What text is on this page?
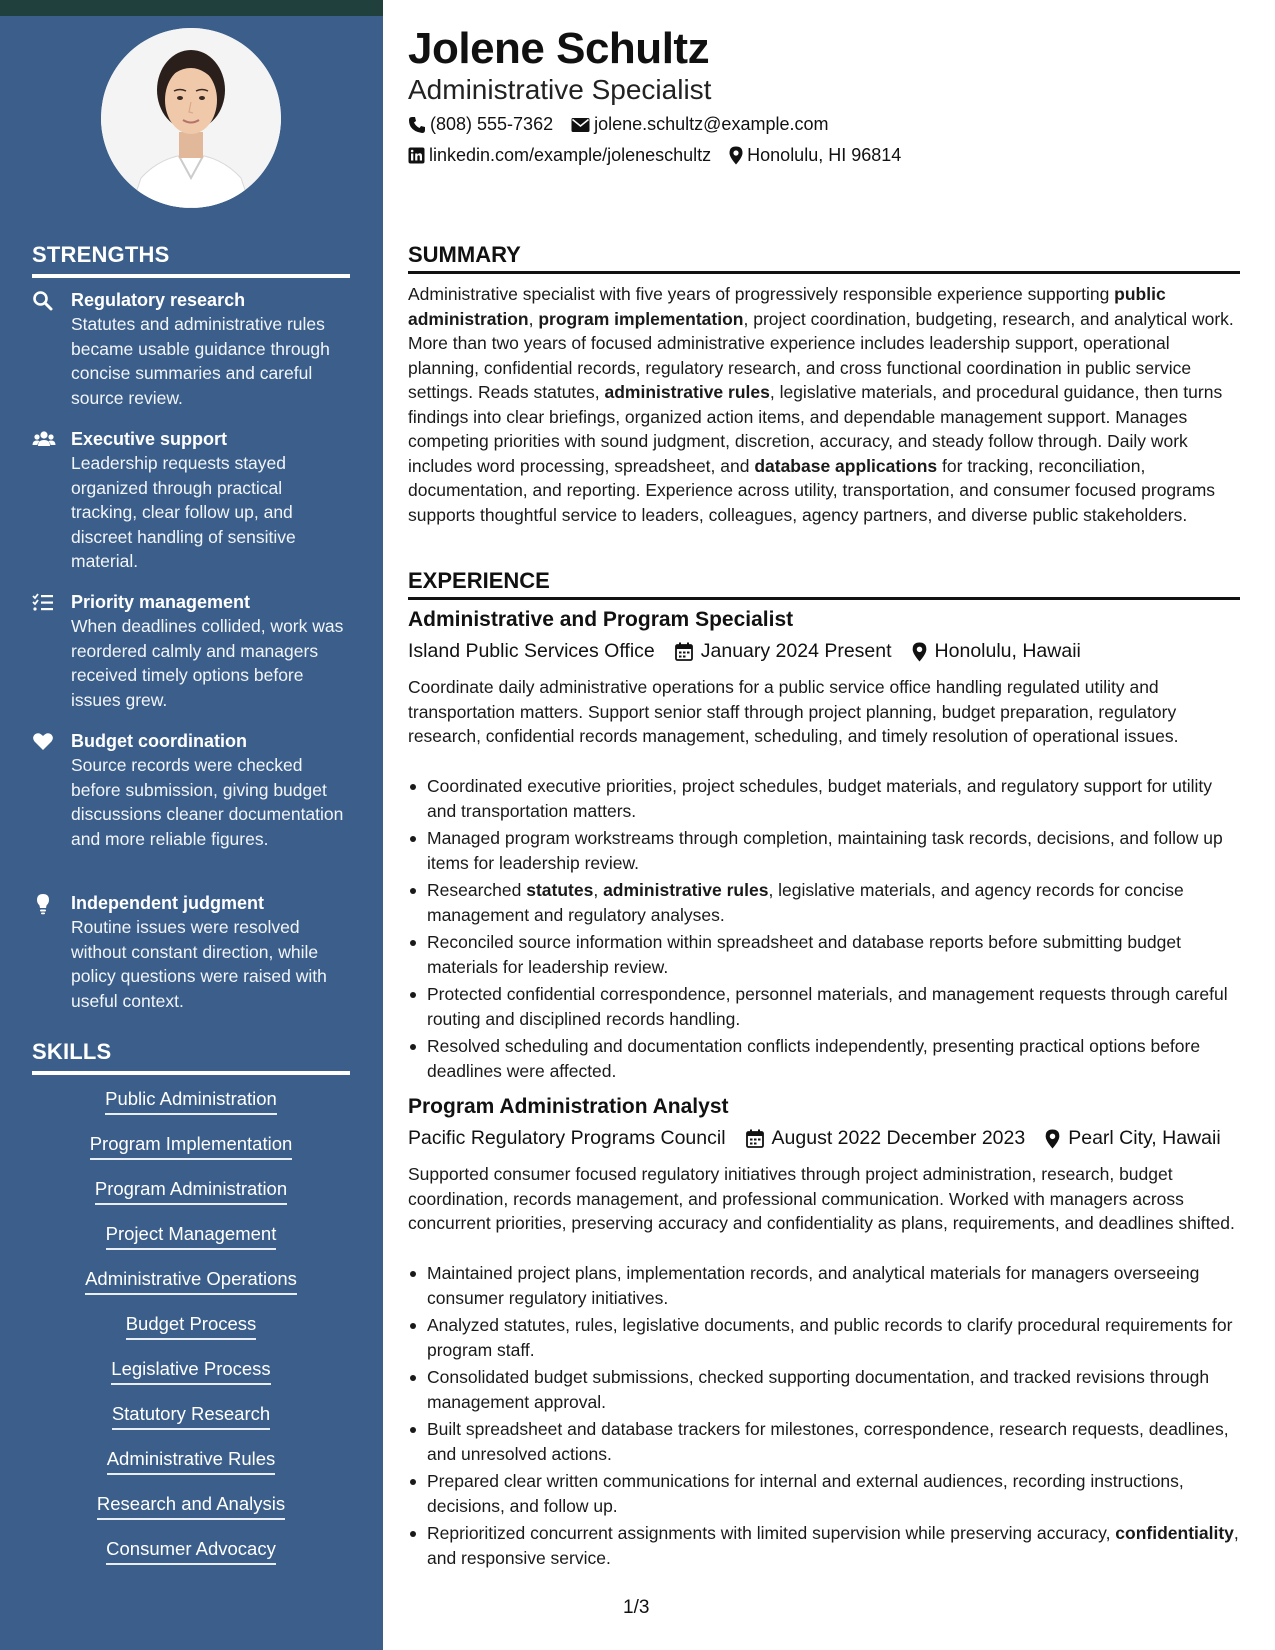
STRENGTHS
Regulatory research
Statutes and administrative rules became usable guidance through concise summaries and careful source review.
Executive support
Leadership requests stayed organized through practical tracking, clear follow up, and discreet handling of sensitive material.
Priority management
When deadlines collided, work was reordered calmly and managers received timely options before issues grew.
Budget coordination
Source records were checked before submission, giving budget discussions cleaner documentation and more reliable figures.
Independent judgment
Routine issues were resolved without constant direction, while policy questions were raised with useful context.
SKILLS
Public Administration
Program Implementation
Program Administration
Project Management
Administrative Operations
Budget Process
Legislative Process
Statutory Research
Administrative Rules
Research and Analysis
Consumer Advocacy
Jolene Schultz
Administrative Specialist
(808) 555-7362 jolene.schultz@example.com
linkedin.com/example/joleneschultz Honolulu, HI 96814
SUMMARY
Administrative specialist with five years of progressively responsible experience supporting public administration, program implementation, project coordination, budgeting, research, and analytical work. More than two years of focused administrative experience includes leadership support, operational planning, confidential records, regulatory research, and cross functional coordination in public service settings. Reads statutes, administrative rules, legislative materials, and procedural guidance, then turns findings into clear briefings, organized action items, and dependable management support. Manages competing priorities with sound judgment, discretion, accuracy, and steady follow through. Daily work includes word processing, spreadsheet, and database applications for tracking, reconciliation, documentation, and reporting. Experience across utility, transportation, and consumer focused programs supports thoughtful service to leaders, colleagues, agency partners, and diverse public stakeholders.
EXPERIENCE
Administrative and Program Specialist
Island Public Services Office January 2024 Present Honolulu, Hawaii
Coordinate daily administrative operations for a public service office handling regulated utility and transportation matters. Support senior staff through project planning, budget preparation, regulatory research, confidential records management, scheduling, and timely resolution of operational issues.
Coordinated executive priorities, project schedules, budget materials, and regulatory support for utility and transportation matters.
Managed program workstreams through completion, maintaining task records, decisions, and follow up items for leadership review.
Researched statutes, administrative rules, legislative materials, and agency records for concise management and regulatory analyses.
Reconciled source information within spreadsheet and database reports before submitting budget materials for leadership review.
Protected confidential correspondence, personnel materials, and management requests through careful routing and disciplined records handling.
Resolved scheduling and documentation conflicts independently, presenting practical options before deadlines were affected.
Program Administration Analyst
Pacific Regulatory Programs Council August 2022 December 2023 Pearl City, Hawaii
Supported consumer focused regulatory initiatives through project administration, research, budget coordination, records management, and professional communication. Worked with managers across concurrent priorities, preserving accuracy and confidentiality as plans, requirements, and deadlines shifted.
Maintained project plans, implementation records, and analytical materials for managers overseeing consumer regulatory initiatives.
Analyzed statutes, rules, legislative documents, and public records to clarify procedural requirements for program staff.
Consolidated budget submissions, checked supporting documentation, and tracked revisions through management approval.
Built spreadsheet and database trackers for milestones, correspondence, research requests, deadlines, and unresolved actions.
Prepared clear written communications for internal and external audiences, recording instructions, decisions, and follow up.
Reprioritized concurrent assignments with limited supervision while preserving accuracy, confidentiality, and responsive service.
1/3
